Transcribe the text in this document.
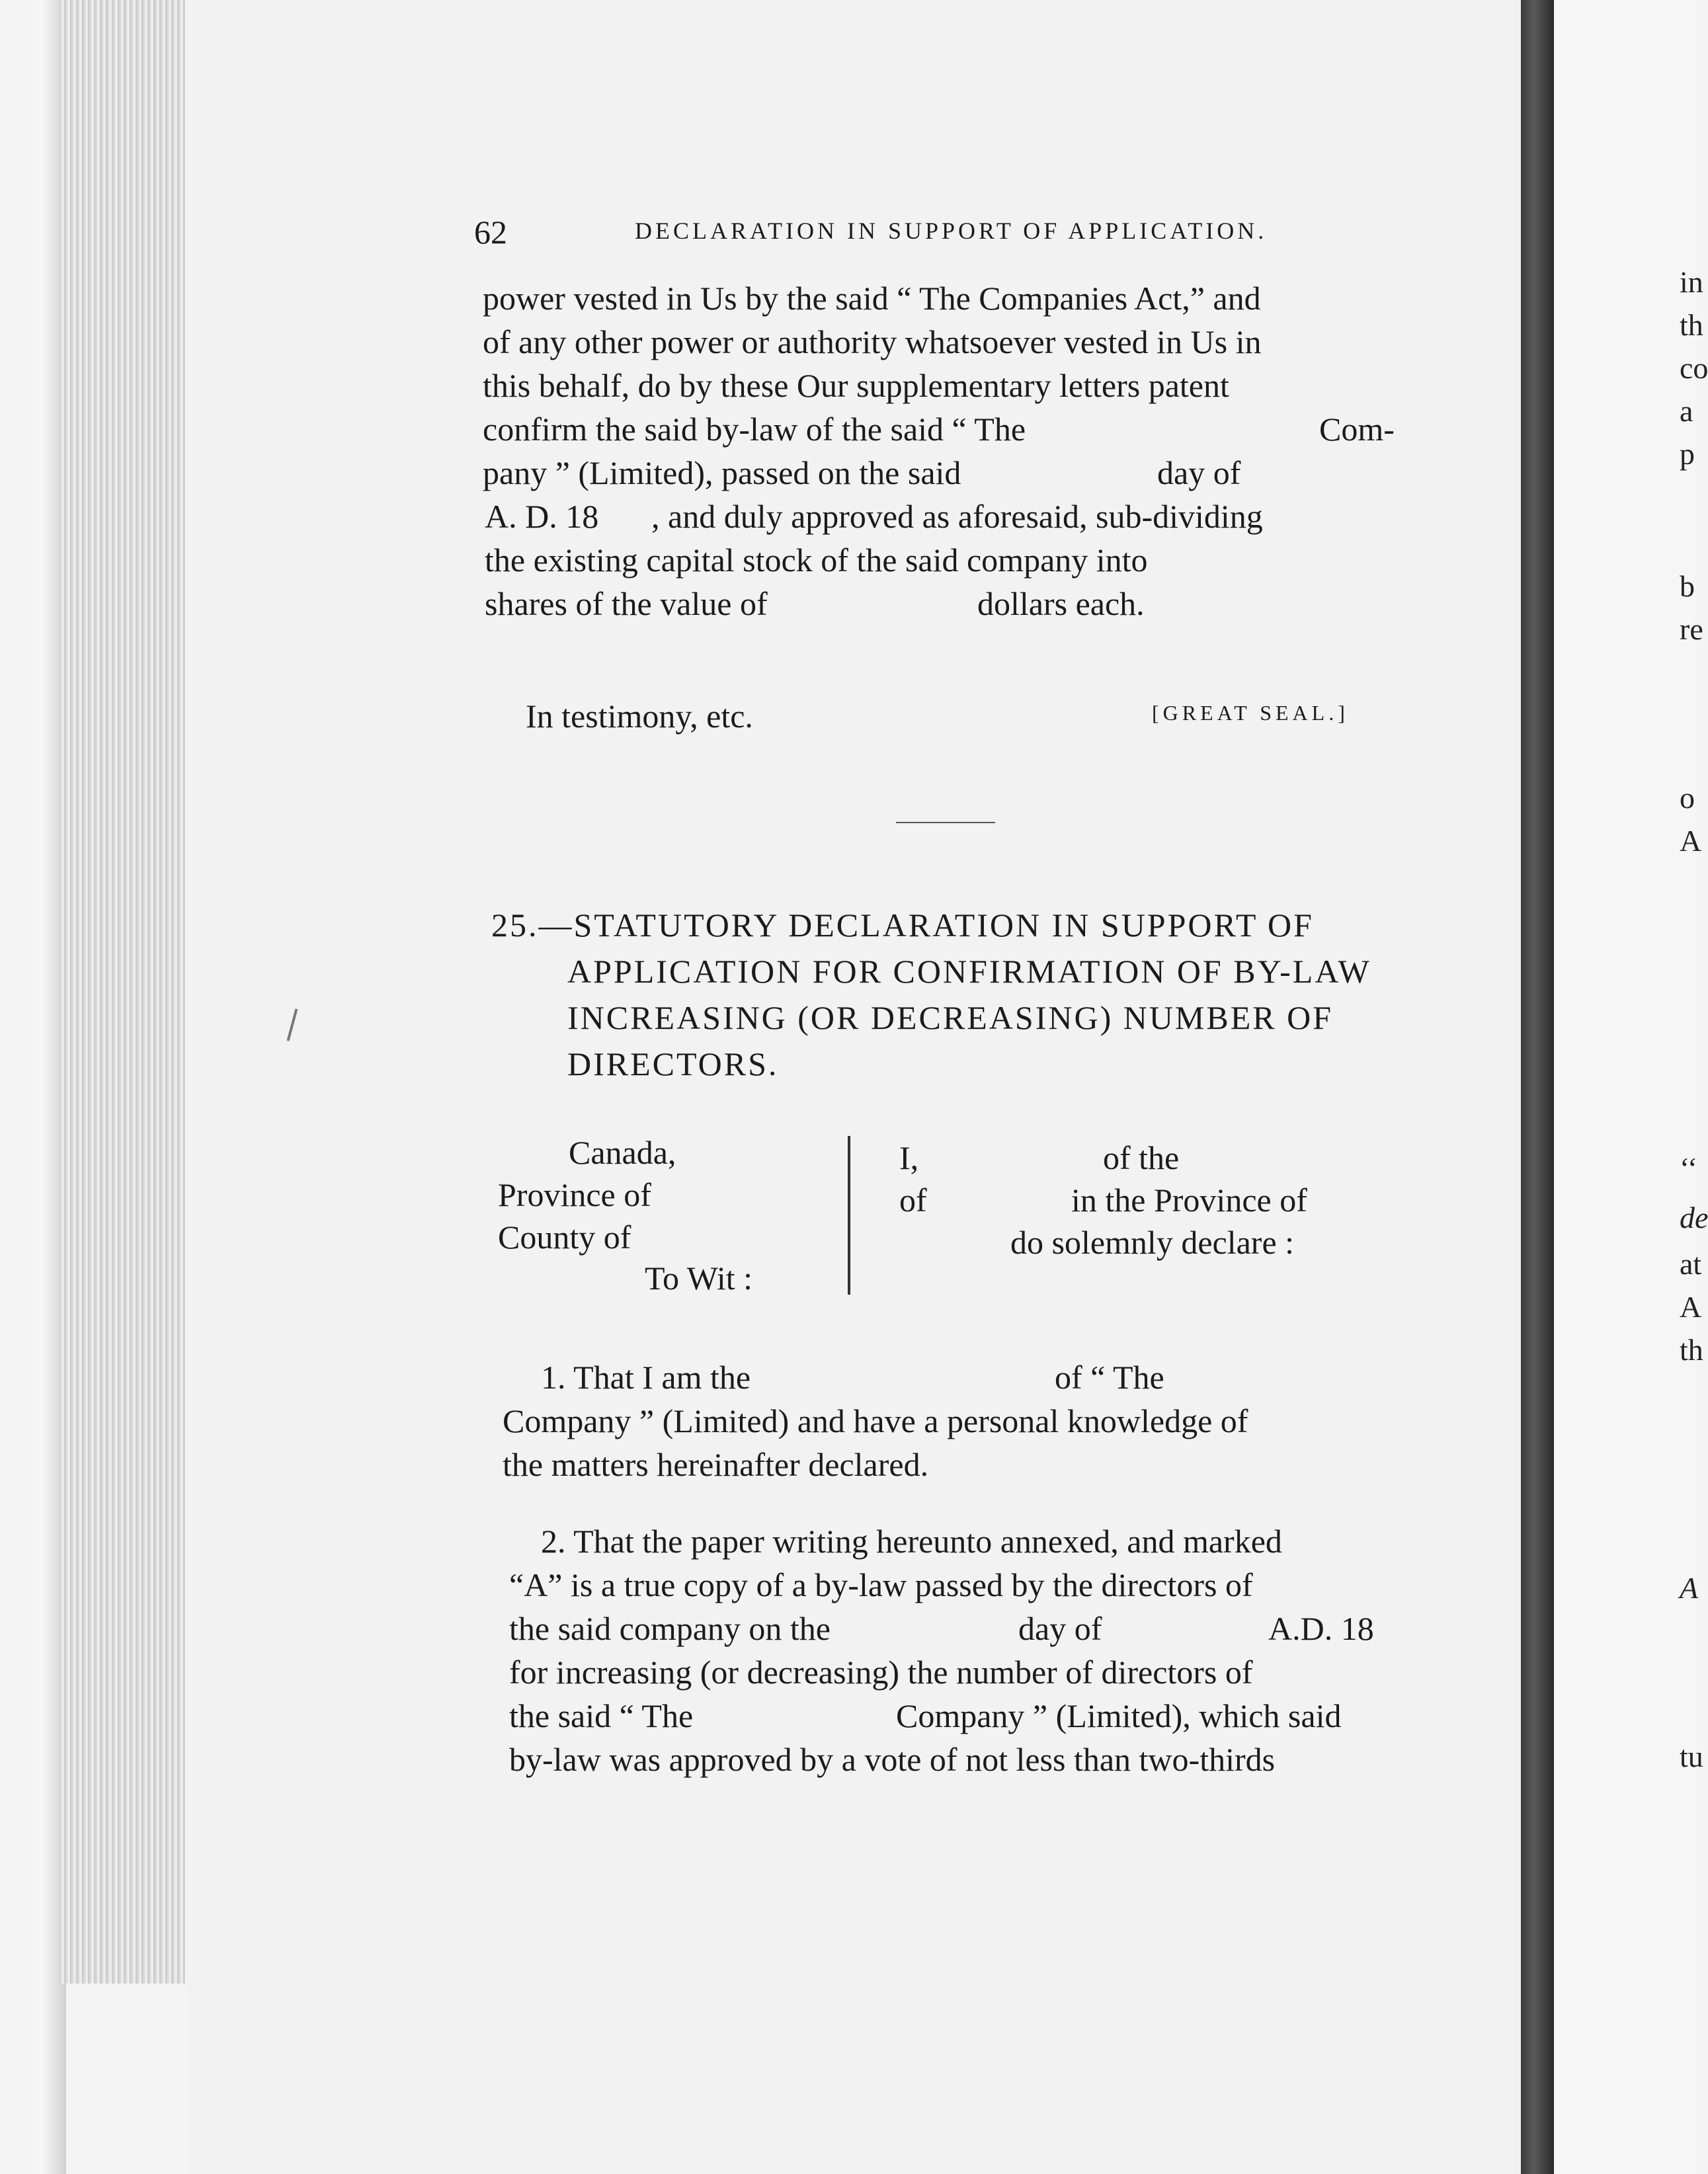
in
th
co
a
p
b
re
o
A
‘‘
de
at
A
th
A
tu
62	DECLARATION IN SUPPORT OF APPLICATION.
power vested in Us by the said “ The Companies Act,” and
of any other power or authority whatsoever vested in Us in
this behalf, do by these Our supplementary letters patent
confirm the said by-law of the said “ The	Com-
pany ” (Limited), passed on the said	day of
A. D. 18 , and duly approved as aforesaid, sub-dividing
the existing capital stock of the said company into
shares of the value of	dollars each.
In testimony, etc.	[GREAT SEAL.]
25.—STATUTORY DECLARATION IN SUPPORT OF
APPLICATION FOR CONFIRMATION OF BY-LAW
INCREASING (OR DECREASING) NUMBER OF
DIRECTORS.
Canada,
Province of
County of
To Wit :
I,	of the
of	in the Province of
do solemnly declare :
1. That I am the	of “ The
Company ” (Limited) and have a personal knowledge of
the matters hereinafter declared.
2. That the paper writing hereunto annexed, and marked
“A” is a true copy of a by-law passed by the directors of
the said company on the	day of	A.D. 18
for increasing (or decreasing) the number of directors of
the said “ The	Company ” (Limited), which said
by-law was approved by a vote of not less than two-thirds
